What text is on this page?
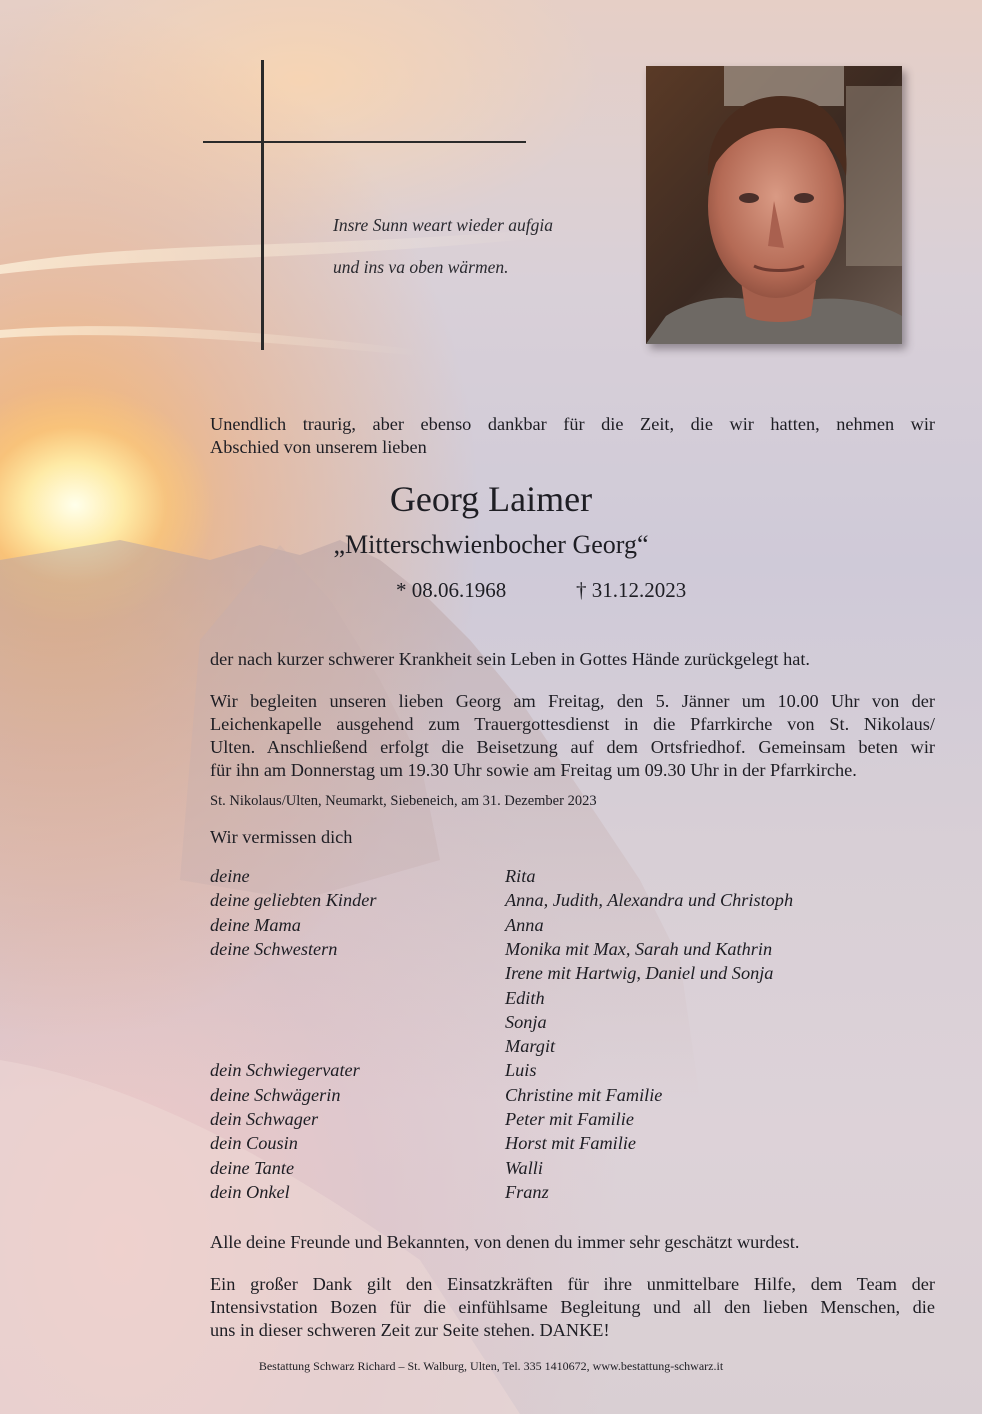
Insre Sunn weart wieder aufgia
und ins va oben wärmen.
Unendlich traurig, aber ebenso dankbar für die Zeit, die wir hatten, nehmen wir
Abschied von unserem lieben
Georg Laimer
„Mitterschwienbocher Georg“
* 08.06.1968	† 31.12.2023
der nach kurzer schwerer Krankheit sein Leben in Gottes Hände zurückgelegt hat.
Wir begleiten unseren lieben Georg am Freitag, den 5. Jänner um 10.00 Uhr von der
Leichenkapelle ausgehend zum Trauergottesdienst in die Pfarrkirche von St. Nikolaus/
Ulten. Anschließend erfolgt die Beisetzung auf dem Ortsfriedhof. Gemeinsam beten wir
für ihn am Donnerstag um 19.30 Uhr sowie am Freitag um 09.30 Uhr in der Pfarrkirche.
St. Nikolaus/Ulten, Neumarkt, Siebeneich, am 31. Dezember 2023
Wir vermissen dich
deine	Rita
deine geliebten Kinder	Anna, Judith, Alexandra und Christoph
deine Mama	Anna
deine Schwestern	Monika mit Max, Sarah und Kathrin
Irene mit Hartwig, Daniel und Sonja
Edith
Sonja
Margit
dein Schwiegervater	Luis
deine Schwägerin	Christine mit Familie
dein Schwager	Peter mit Familie
dein Cousin	Horst mit Familie
deine Tante	Walli
dein Onkel	Franz
Alle deine Freunde und Bekannten, von denen du immer sehr geschätzt wurdest.
Ein großer Dank gilt den Einsatzkräften für ihre unmittelbare Hilfe, dem Team der
Intensivstation Bozen für die einfühlsame Begleitung und all den lieben Menschen, die
uns in dieser schweren Zeit zur Seite stehen. DANKE!
Bestattung Schwarz Richard – St. Walburg, Ulten, Tel. 335 1410672, www.bestattung-schwarz.it
